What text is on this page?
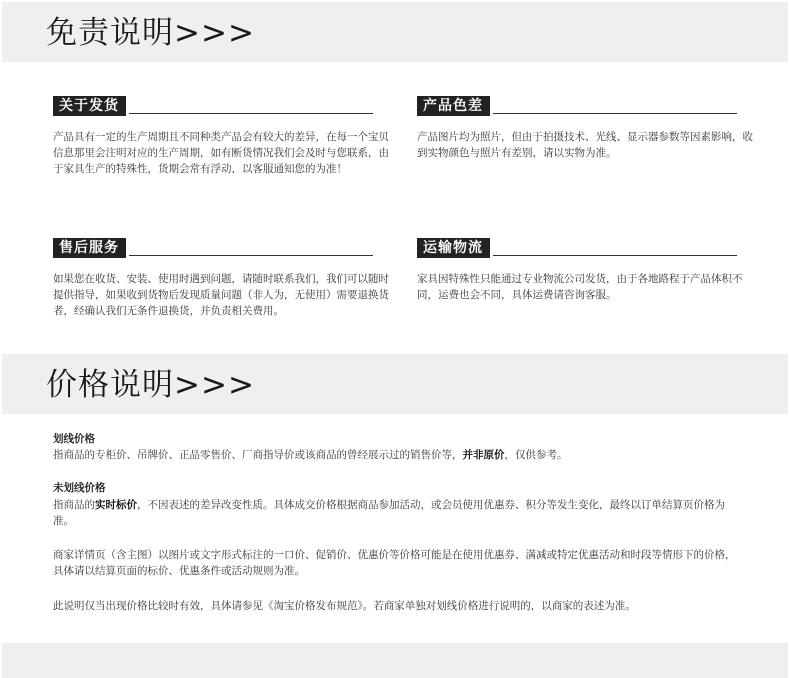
免责说明>>>
关于发货

产品具有一定的生产周期且不同种类产品会有较大的差异，在每一个宝贝信息那里会注明对应的生产周期，如有断货情况我们会及时与您联系，由于家具生产的特殊性，货期会常有浮动，以客服通知您的为准！

产品色差

产品图片均为照片，但由于拍摄技术、光线、显示器参数等因素影响，收到实物颜色与照片有差别，请以实物为准。

售后服务

如果您在收货、安装、使用时遇到问题，请随时联系我们，我们可以随时提供指导，如果收到货物后发现质量问题（非人为，无使用）需要退换货者，经确认我们无条件退换货，并负责相关费用。

运输物流

家具因特殊性只能通过专业物流公司发货，由于各地路程于产品体积不同，运费也会不同，具体运费请咨询客服。

价格说明>>>
划线价格

指商品的专柜价、吊牌价、正品零售价、厂商指导价或该商品的曾经展示过的销售价等，并非原价，仅供参考。

未划线价格

指商品的实时标价，不因表述的差异改变性质。具体成交价格根据商品参加活动，或会员使用优惠券、积分等发生变化，最终以订单结算页价格为准。

商家详情页（含主图）以图片或文字形式标注的一口价、促销价、优惠价等价格可能是在使用优惠券、满减或特定优惠活动和时段等情形下的价格，具体请以结算页面的标价、优惠条件或活动规则为准。

此说明仅当出现价格比较时有效，具体请参见《淘宝价格发布规范》。若商家单独对划线价格进行说明的，以商家的表述为准。
